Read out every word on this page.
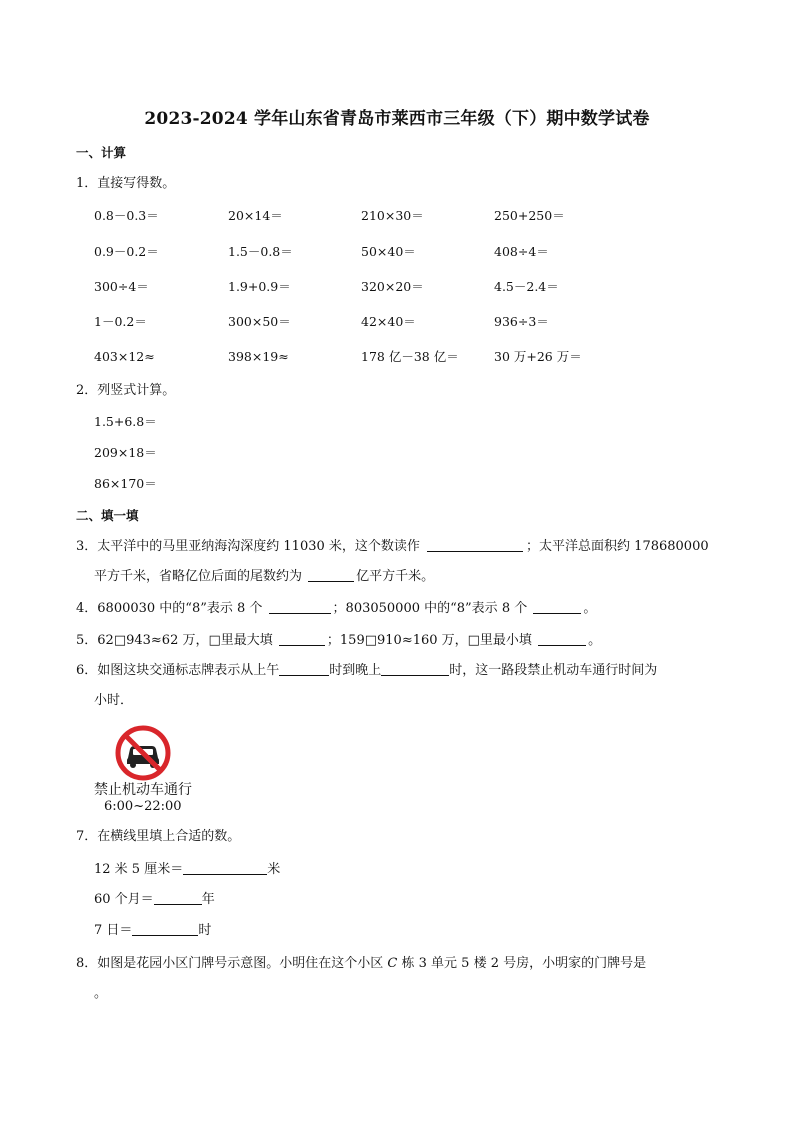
2023-2024 学年山东省青岛市莱西市三年级（下）期中数学试卷
一、计算
1．直接写得数。
0.8－0.3＝	20×14＝	210×30＝	250+250＝
0.9－0.2＝	1.5－0.8＝	50×40＝	408÷4＝
300÷4＝	1.9+0.9＝	320×20＝	4.5－2.4＝
1－0.2＝	300×50＝	42×40＝	936÷3＝
403×12≈	398×19≈	178 亿－38 亿＝	30 万+26 万＝
2．列竖式计算。
1.5+6.8＝
209×18＝
86×170＝
二、填一填
3．太平洋中的马里亚纳海沟深度约 11030 米，这个数读作	；太平洋总面积约 178680000
平方千米，省略亿位后面的尾数约为	亿平方千米。
4．6800030 中的“8”表示 8 个	；803050000 中的“8”表示 8 个	。
5．62□943≈62 万，□里最大填	；159□910≈160 万，□里最小填	。
6．如图这块交通标志牌表示从上午	时到晚上	时，这一路段禁止机动车通行时间为
小时．
禁止机动车通行
6:00~22:00
7．在横线里填上合适的数。
12 米 5 厘米＝	米
60 个月＝	年
7 日＝	时
8．如图是花园小区门牌号示意图。小明住在这个小区 C 栋 3 单元 5 楼 2 号房，小明家的门牌号是
。
